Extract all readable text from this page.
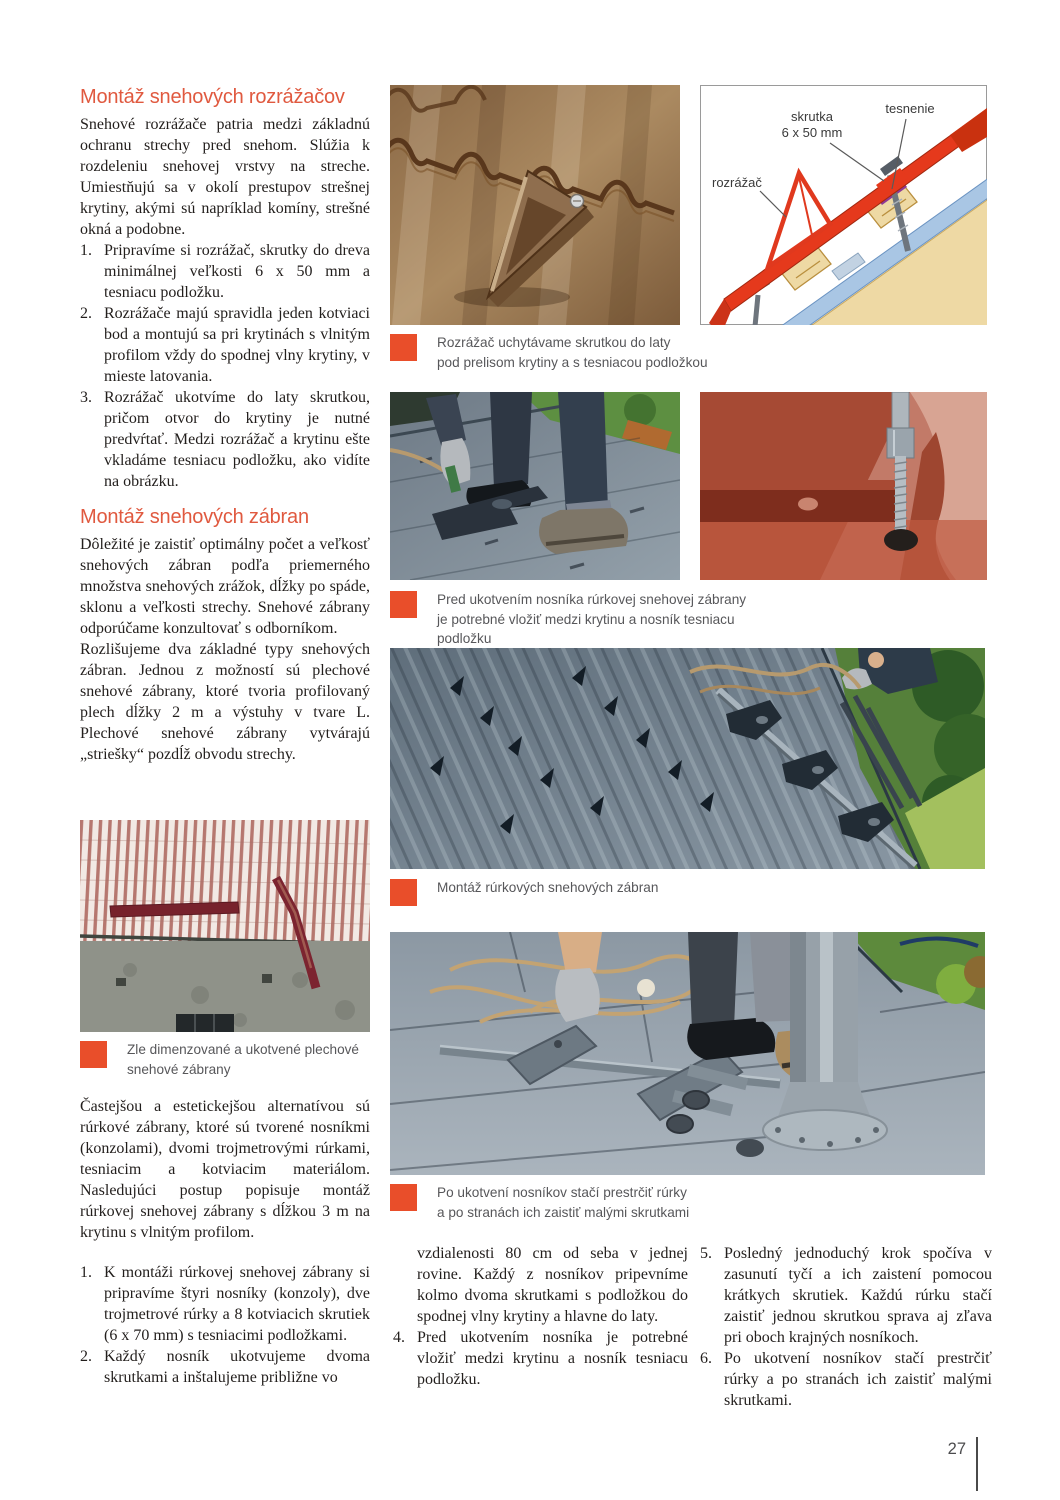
Montáž snehových rozrážačov

Snehové rozrážače patria medzi základnú ochranu strechy pred snehom. Slúžia k rozdeleniu snehovej vrstvy na streche. Umiestňujú sa v okolí prestupov strešnej krytiny, akými sú napríklad komíny, strešné okná a podobne.

1. Pripravíme si rozrážač, skrutky do dreva minimálnej veľkosti 6 x 50 mm a tesniacu podložku.
2. Rozrážače majú spravidla jeden kotviaci bod a montujú sa pri krytinách s vlnitým profilom vždy do spodnej vlny krytiny, v mieste latovania.
3. Rozrážač ukotvíme do laty skrutkou, pričom otvor do krytiny je nutné predvŕtať. Medzi rozrážač a krytinu ešte vkladáme tesniacu podložku, ako vidíte na obrázku.
Montáž snehových zábran

Dôležité je zaistiť optimálny počet a veľkosť snehových zábran podľa priemerného množstva snehových zrážok, dĺžky po spáde, sklonu a veľkosti strechy. Snehové zábrany odporúčame konzultovať s odborníkom.

Rozlišujeme dva základné typy snehových zábran. Jednou z možností sú plechové snehové zábrany, ktoré tvoria profilovaný plech dĺžky 2 m a výstuhy v tvare L. Plechové snehové zábrany vytvárajú „striešky“ pozdĺž obvodu strechy.

Zle dimenzované a ukotvené plechové
snehové zábrany

Častejšou a estetickejšou alternatívou sú rúrkové zábrany, ktoré sú tvorené nosníkmi (konzolami), dvomi trojmetrovými rúrkami, tesniacim a kotviacim materiálom. Nasledujúci postup popisuje montáž rúrkovej snehovej zábrany s dĺžkou 3 m na krytinu s vlnitým profilom.

1. K montáži rúrkovej snehovej zábrany si pripravíme štyri nosníky (konzoly), dve trojmetrové rúrky a 8 kotviacich skrutiek (6 x 70 mm) s tesniacimi podložkami.
2. Každý nosník ukotvujeme dvoma skrutkami a inštalujeme približne vo
skrutka
6 x 50 mm
tesnenie
rozrážač
Rozrážač uchytávame skrutkou do laty
pod prelisom krytiny a s tesniacou podložkou
Pred ukotvením nosníka rúrkovej snehovej zábrany
je potrebné vložiť medzi krytinu a nosník tesniacu podložku
Montáž rúrkových snehových zábran
Po ukotvení nosníkov stačí prestrčiť rúrky
a po stranách ich zaistiť malými skrutkami
vzdialenosti 80 cm od seba v jednej rovine. Každý z nosníkov pripevníme kolmo dvoma skrutkami s podložkou do spodnej vlny krytiny a hlavne do laty.
4. Pred ukotvením nosníka je potrebné vložiť medzi krytinu a nosník tesniacu podložku.
5. Posledný jednoduchý krok spočíva v zasunutí tyčí a ich zaistení pomocou krátkych skrutiek. Každú rúrku stačí zaistiť jednou skrutkou sprava aj zľava pri oboch krajných nosníkoch.
6. Po ukotvení nosníkov stačí prestrčiť rúrky a po stranách ich zaistiť malými skrutkami.
27
